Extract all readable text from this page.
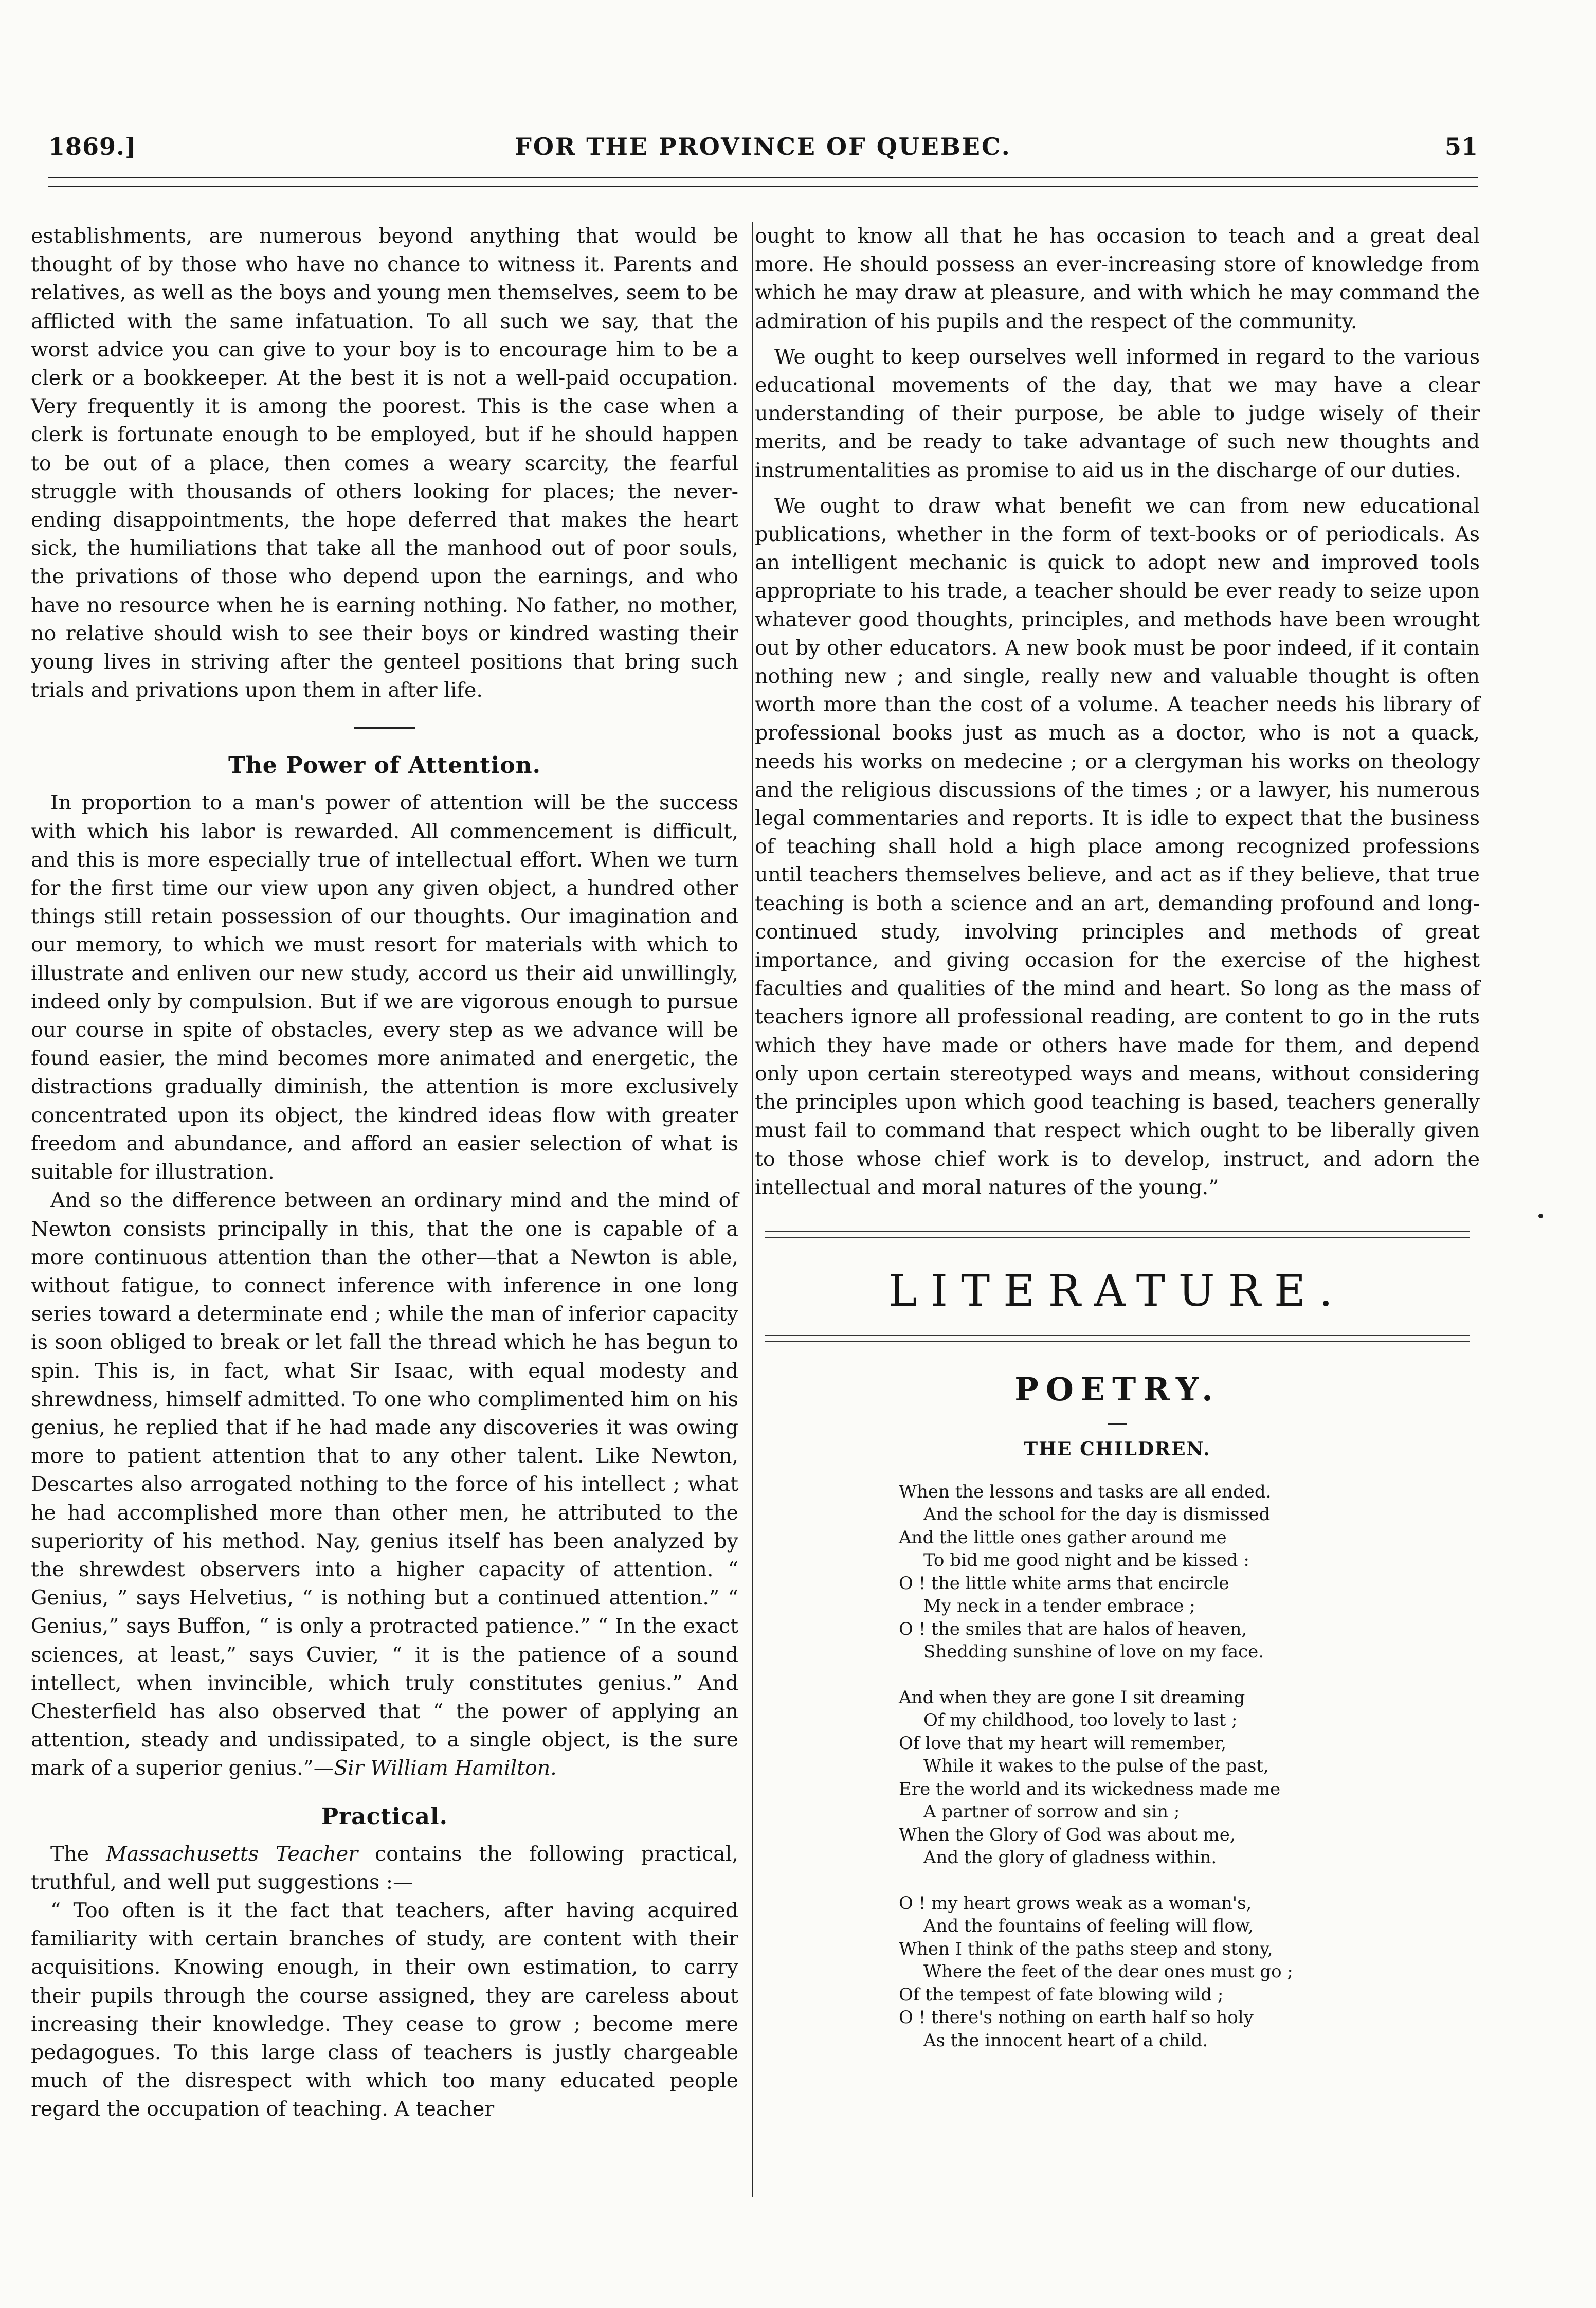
1869.]	FOR THE PROVINCE OF QUEBEC.	51

establishments, are numerous beyond anything that would be thought of by those who have no chance to witness it. Parents and relatives, as well as the boys and young men themselves, seem to be afflicted with the same infatuation. To all such we say, that the worst advice you can give to your boy is to encourage him to be a clerk or a bookkeeper. At the best it is not a well-paid occupation. Very frequently it is among the poorest. This is the case when a clerk is fortunate enough to be employed, but if he should happen to be out of a place, then comes a weary scarcity, the fearful struggle with thousands of others looking for places; the never-ending disappointments, the hope deferred that makes the heart sick, the humiliations that take all the manhood out of poor souls, the privations of those who depend upon the earnings, and who have no resource when he is earning nothing. No father, no mother, no relative should wish to see their boys or kindred wasting their young lives in striving after the genteel positions that bring such trials and privations upon them in after life.

The Power of Attention.

In proportion to a man's power of attention will be the success with which his labor is rewarded. All commencement is difficult, and this is more especially true of intellectual effort. When we turn for the first time our view upon any given object, a hundred other things still retain possession of our thoughts. Our imagination and our memory, to which we must resort for materials with which to illustrate and enliven our new study, accord us their aid unwillingly, indeed only by compulsion. But if we are vigorous enough to pursue our course in spite of obstacles, every step as we advance will be found easier, the mind becomes more animated and energetic, the distractions gradually diminish, the attention is more exclusively concentrated upon its object, the kindred ideas flow with greater freedom and abundance, and afford an easier selection of what is suitable for illustration.

And so the difference between an ordinary mind and the mind of Newton consists principally in this, that the one is capable of a more continuous attention than the other—that a Newton is able, without fatigue, to connect inference with inference in one long series toward a determinate end ; while the man of inferior capacity is soon obliged to break or let fall the thread which he has begun to spin. This is, in fact, what Sir Isaac, with equal modesty and shrewdness, himself admitted. To one who complimented him on his genius, he replied that if he had made any discoveries it was owing more to patient attention that to any other talent. Like Newton, Descartes also arrogated nothing to the force of his intellect ; what he had accomplished more than other men, he attributed to the superiority of his method. Nay, genius itself has been analyzed by the shrewdest observers into a higher capacity of attention. “ Genius, ” says Helvetius, “ is nothing but a continued attention.” “ Genius,” says Buffon, “ is only a protracted patience.” “ In the exact sciences, at least,” says Cuvier, “ it is the patience of a sound intellect, when invincible, which truly constitutes genius.” And Chesterfield has also observed that “ the power of applying an attention, steady and undissipated, to a single object, is the sure mark of a superior genius.”—Sir William Hamilton.

Practical.

The Massachusetts Teacher contains the following practical, truthful, and well put suggestions :—

“ Too often is it the fact that teachers, after having acquired familiarity with certain branches of study, are content with their acquisitions. Knowing enough, in their own estimation, to carry their pupils through the course assigned, they are careless about increasing their knowledge. They cease to grow ; become mere pedagogues. To this large class of teachers is justly chargeable much of the disrespect with which too many educated people regard the occupation of teaching. A teacher

ought to know all that he has occasion to teach and a great deal more. He should possess an ever-increasing store of knowledge from which he may draw at pleasure, and with which he may command the admiration of his pupils and the respect of the community.

We ought to keep ourselves well informed in regard to the various educational movements of the day, that we may have a clear understanding of their purpose, be able to judge wisely of their merits, and be ready to take advantage of such new thoughts and instrumentalities as promise to aid us in the discharge of our duties.

We ought to draw what benefit we can from new educational publications, whether in the form of text-books or of periodicals. As an intelligent mechanic is quick to adopt new and improved tools appropriate to his trade, a teacher should be ever ready to seize upon whatever good thoughts, principles, and methods have been wrought out by other educators. A new book must be poor indeed, if it contain nothing new ; and single, really new and valuable thought is often worth more than the cost of a volume. A teacher needs his library of professional books just as much as a doctor, who is not a quack, needs his works on medecine ; or a clergyman his works on theology and the religious discussions of the times ; or a lawyer, his numerous legal commentaries and reports. It is idle to expect that the business of teaching shall hold a high place among recognized professions until teachers themselves believe, and act as if they believe, that true teaching is both a science and an art, demanding profound and long-continued study, involving principles and methods of great importance, and giving occasion for the exercise of the highest faculties and qualities of the mind and heart. So long as the mass of teachers ignore all professional reading, are content to go in the ruts which they have made or others have made for them, and depend only upon certain stereotyped ways and means, without considering the principles upon which good teaching is based, teachers generally must fail to command that respect which ought to be liberally given to those whose chief work is to develop, instruct, and adorn the intellectual and moral natures of the young.”

LITERATURE.
POETRY.
THE CHILDREN.
When the lessons and tasks are all ended.
And the school for the day is dismissed
And the little ones gather around me
To bid me good night and be kissed :
O ! the little white arms that encircle
My neck in a tender embrace ;
O ! the smiles that are halos of heaven,
Shedding sunshine of love on my face.
And when they are gone I sit dreaming
Of my childhood, too lovely to last ;
Of love that my heart will remember,
While it wakes to the pulse of the past,
Ere the world and its wickedness made me
A partner of sorrow and sin ;
When the Glory of God was about me,
And the glory of gladness within.
O ! my heart grows weak as a woman's,
And the fountains of feeling will flow,
When I think of the paths steep and stony,
Where the feet of the dear ones must go ;
Of the tempest of fate blowing wild ;
O ! there's nothing on earth half so holy
As the innocent heart of a child.
